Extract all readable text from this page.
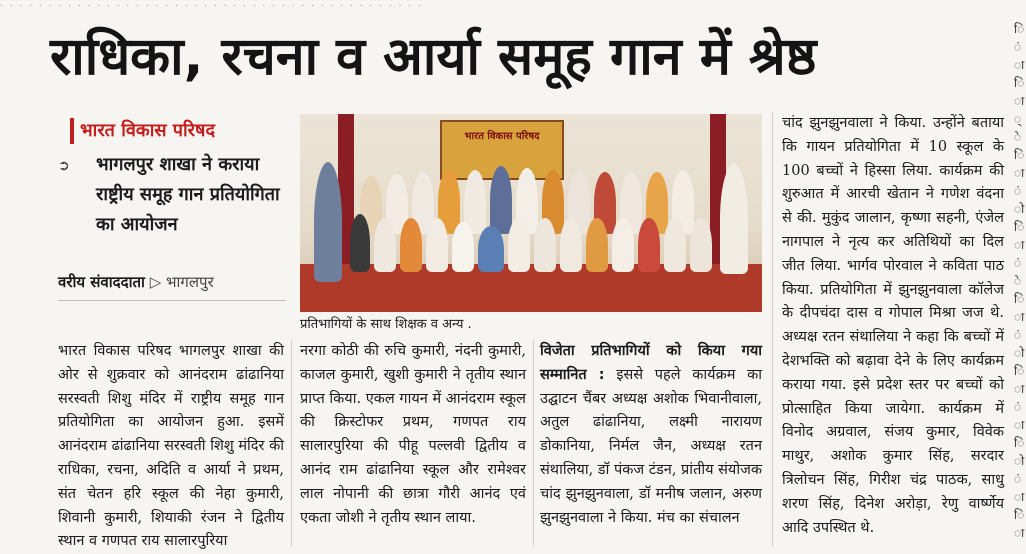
. . . . . . . . . . . . . . . . . . . . . . . . . . . . . . . . . . . . . . . . . . . .
राधिका, रचना व आर्या समूह गान में श्रेष्ठ	ि
ं
ा
ि
ा
्
े
ि
ा
ं
ो
ि
ा
ं
े
ि
ा
ं
ो
ि
ा
ं
ा
ि
ो
ं
ा
ि
ा
भारत विकास परिषद
➲	भागलपुर शाखा ने कराया राष्ट्रीय समूह गान प्रतियोगिता का आयोजन
वरीय संवाददाता ▷ भागलपुर
भारत विकास परिषद
प्रतिभागियों के साथ शिक्षक व अन्य .
भारत विकास परिषद भागलपुर शाखा की ओर से शुक्रवार को आनंदराम ढांढानिया सरस्वती शिशु मंदिर में राष्ट्रीय समूह गान प्रतियोगिता का आयोजन हुआ. इसमें आनंदराम ढांढानिया सरस्वती शिशु मंदिर की राधिका, रचना, अदिति व आर्या ने प्रथम, संत चेतन हरि स्कूल की नेहा कुमारी, शिवानी कुमारी, शियाकी रंजन ने द्वितीय स्थान व गणपत राय सालारपुरिया
नरगा कोठी की रुचि कुमारी, नंदनी कुमारी, काजल कुमारी, खुशी कुमारी ने तृतीय स्थान प्राप्त किया. एकल गायन में आनंदराम स्कूल की क्रिस्टोफर प्रथम, गणपत राय सालारपुरिया की पीहू पल्लवी द्वितीय व आनंद राम ढांढानिया स्कूल और रामेश्वर लाल नोपानी की छात्रा गौरी आनंद एवं एकता जोशी ने तृतीय स्थान लाया.
विजेता प्रतिभागियों को किया गया सम्मानित : इससे पहले कार्यक्रम का उद्घाटन चैंबर अध्यक्ष अशोक भिवानीवाला, अतुल ढांढानिया, लक्ष्मी नारायण डोकानिया, निर्मल जैन, अध्यक्ष रतन संथालिया, डॉ पंकज टंडन, प्रांतीय संयोजक चांद झुनझुनवाला, डॉ मनीष जलान, अरुण झुनझुनवाला ने किया. मंच का संचालन
चांद झुनझुनवाला ने किया. उन्होंने बताया कि गायन प्रतियोगिता में 10 स्कूल के 100 बच्चों ने हिस्सा लिया. कार्यक्रम की शुरुआत में आरची खेतान ने गणेश वंदना से की. मुकुंद जालान, कृष्णा सहनी, एंजेल नागपाल ने नृत्य कर अतिथियों का दिल जीत लिया. भार्गव पोरवाल ने कविता पाठ किया. प्रतियोगिता में झुनझुनवाला कॉलेज के दीपचंदा दास व गोपाल मिश्रा जज थे. अध्यक्ष रतन संथालिया ने कहा कि बच्चों में देशभक्ति को बढ़ावा देने के लिए कार्यक्रम कराया गया. इसे प्रदेश स्तर पर बच्चों को प्रोत्साहित किया जायेगा. कार्यक्रम में विनोद अग्रवाल, संजय कुमार, विवेक माथुर, अशोक कुमार सिंह, सरदार त्रिलोचन सिंह, गिरीश चंद्र पाठक, साधु शरण सिंह, दिनेश अरोड़ा, रेणु वार्ष्णेय आदि उपस्थित थे.
